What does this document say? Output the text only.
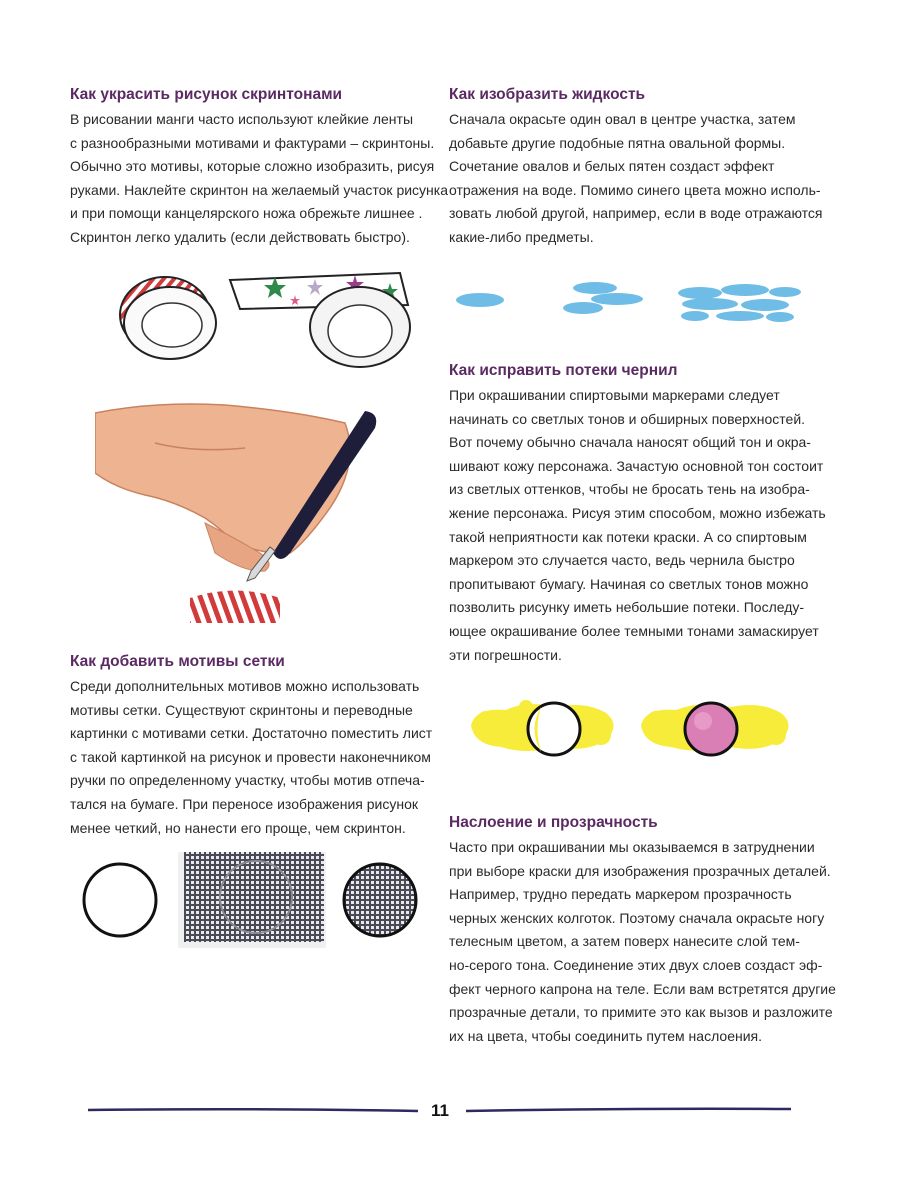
Как украсить рисунок скринтонами
В рисовании манги часто используют клейкие ленты
с разнообразными мотивами и фактурами – скринтоны.
Обычно это мотивы, которые сложно изобразить, рисуя
руками. Наклейте скринтон на желаемый участок рисунка
и при помощи канцелярского ножа обрежьте лишнее .
Скринтон легко удалить (если действовать быстро).
Как добавить мотивы сетки
Среди дополнительных мотивов можно использовать
мотивы сетки. Существуют скринтоны и переводные
картинки с мотивами сетки. Достаточно поместить лист
с такой картинкой на рисунок и провести наконечником
ручки по определенному участку, чтобы мотив отпеча-
тался на бумаге. При переносе изображения рисунок
менее четкий, но нанести его проще, чем скринтон.
Как изобразить жидкость
Сначала окрасьте один овал в центре участка, затем
добавьте другие подобные пятна овальной формы.
Сочетание овалов и белых пятен создаст эффект
отражения на воде. Помимо синего цвета можно исполь-
зовать любой другой, например, если в воде отражаются
какие-либо предметы.
Как исправить потеки чернил
При окрашивании спиртовыми маркерами следует
начинать со светлых тонов и обширных поверхностей.
Вот почему обычно сначала наносят общий тон и окра-
шивают кожу персонажа. Зачастую основной тон состоит
из светлых оттенков, чтобы не бросать тень на изобра-
жение персонажа. Рисуя этим способом, можно избежать
такой неприятности как потеки краски. А со спиртовым
маркером это случается часто, ведь чернила быстро
пропитывают бумагу. Начиная со светлых тонов можно
позволить рисунку иметь небольшие потеки. Последу-
ющее окрашивание более темными тонами замаскирует
эти погрешности.
Наслоение и прозрачность
Часто при окрашивании мы оказываемся в затруднении
при выборе краски для изображения прозрачных деталей.
Например, трудно передать маркером прозрачность
черных женских колготок. Поэтому сначала окрасьте ногу
телесным цветом, а затем поверх нанесите слой тем-
но-серого тона. Соединение этих двух слоев создаст эф-
фект черного капрона на теле. Если вам встретятся другие
прозрачные детали, то примите это как вызов и разложите
их на цвета, чтобы соединить путем наслоения.
11
